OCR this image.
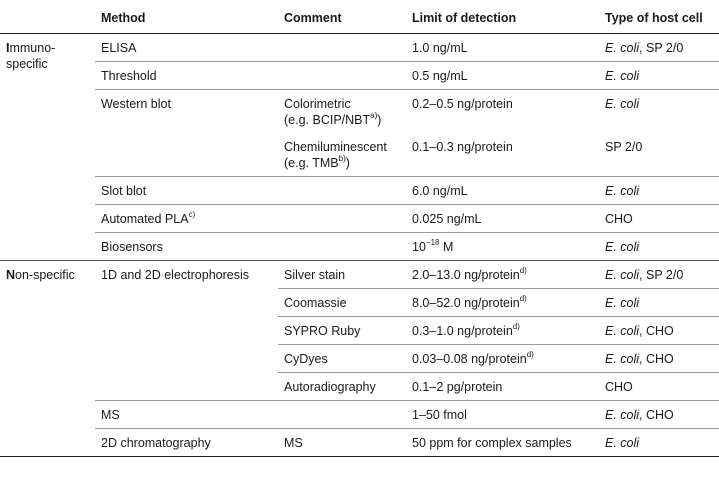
	Method	Comment	Limit of detection	Type of host cell
Immuno-
specific	ELISA		1.0 ng/mL	E. coli, SP 2/0
	Threshold		0.5 ng/mL	E. coli
	Western blot	Colorimetric
(e.g. BCIP/NBT$^{a)}$)	0.2–0.5 ng/protein	E. coli
		Chemiluminescent
(e.g. TMB$^{b)}$)	0.1–0.3 ng/protein	SP 2/0
	Slot blot		6.0 ng/mL	E. coli
	Automated PLA$^{c)}$		0.025 ng/mL	CHO
	Biosensors		$10^{-18}$ M	E. coli
Non-specific	1D and 2D electrophoresis	Silver stain	2.0–13.0 ng/protein$^{d)}$	E. coli, SP 2/0
		Coomassie	8.0–52.0 ng/protein$^{d)}$	E. coli
		SYPRO Ruby	0.3–1.0 ng/protein$^{d)}$	E. coli, CHO
		CyDyes	0.03–0.08 ng/protein$^{d)}$	E. coli, CHO
		Autoradiography	0.1–2 pg/protein	CHO
	MS		1–50 fmol	E. coli, CHO
	2D chromatography	MS	50 ppm for complex samples	E. coli
